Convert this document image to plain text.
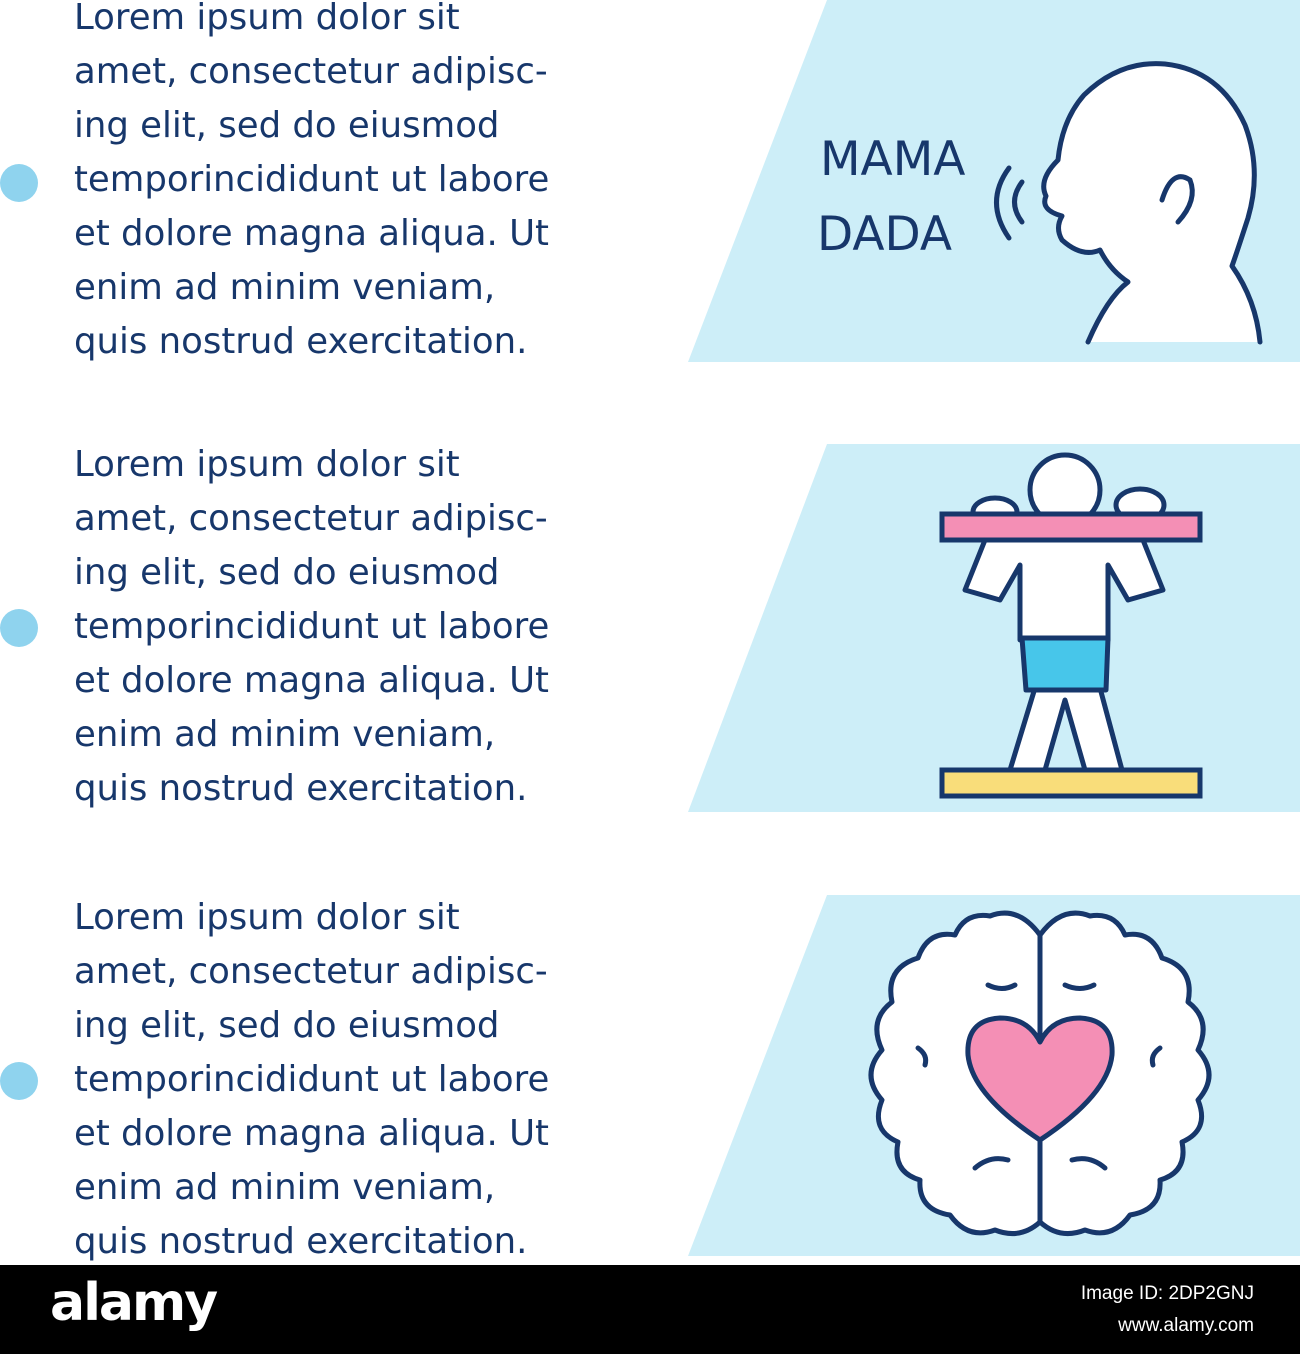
Lorem ipsum dolor sit
amet, consectetur adipisc-
ing elit, sed do eiusmod
temporincididunt ut labore
et dolore magna aliqua. Ut
enim ad minim veniam,
quis nostrud exercitation.

MAMA
DADA

Lorem ipsum dolor sit
amet, consectetur adipisc-
ing elit, sed do eiusmod
temporincididunt ut labore
et dolore magna aliqua. Ut
enim ad minim veniam,
quis nostrud exercitation.

Lorem ipsum dolor sit
amet, consectetur adipisc-
ing elit, sed do eiusmod
temporincididunt ut labore
et dolore magna aliqua. Ut
enim ad minim veniam,
quis nostrud exercitation.

alamy	Image ID: 2DP2GNJ
www.alamy.com
